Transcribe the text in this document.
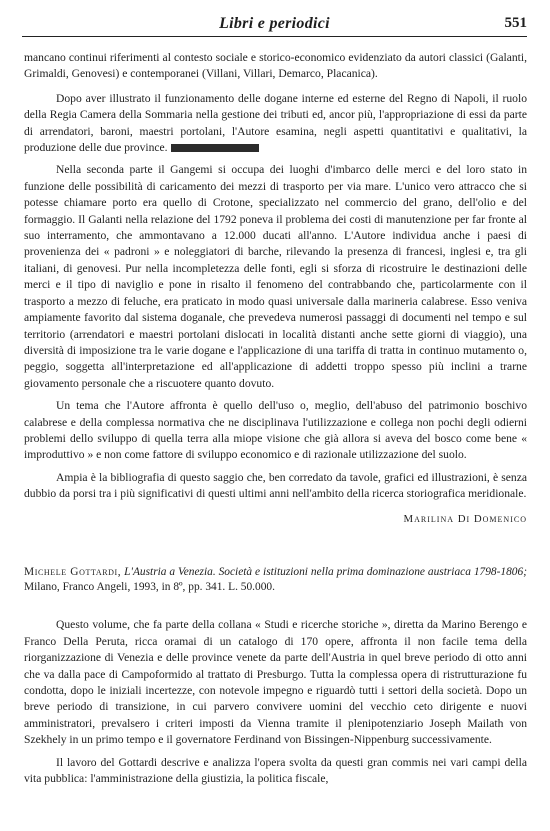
Libri e periodici	551

mancano continui riferimenti al contesto sociale e storico-economico evidenziato da autori classici (Galanti, Grimaldi, Genovesi) e contemporanei (Villani, Villari, Demarco, Placanica).

Dopo aver illustrato il funzionamento delle dogane interne ed esterne del Regno di Napoli, il ruolo della Regia Camera della Sommaria nella gestione dei tributi ed, ancor più, l'appropriazione di essi da parte di arrendatori, baroni, maestri portolani, l'Autore esamina, negli aspetti quantitativi e qualitativi, la produzione delle due province.

Nella seconda parte il Gangemi si occupa dei luoghi d'imbarco delle merci e del loro stato in funzione delle possibilità di caricamento dei mezzi di trasporto per via mare. L'unico vero attracco che si potesse chiamare porto era quello di Crotone, specializzato nel commercio del grano, dell'olio e del formaggio. Il Galanti nella relazione del 1792 poneva il problema dei costi di manutenzione per far fronte al suo interramento, che ammontavano a 12.000 ducati all'anno. L'Autore individua anche i paesi di provenienza dei « padroni » e noleggiatori di barche, rilevando la presenza di francesi, inglesi e, tra gli italiani, di genovesi. Pur nella incompletezza delle fonti, egli si sforza di ricostruire le destinazioni delle merci e il tipo di naviglio e pone in risalto il fenomeno del contrabbando che, particolarmente con il trasporto a mezzo di feluche, era praticato in modo quasi universale dalla marineria calabrese. Esso veniva ampiamente favorito dal sistema doganale, che prevedeva numerosi passaggi di documenti nel tempo e sul territorio (arrendatori e maestri portolani dislocati in località distanti anche sette giorni di viaggio), una diversità di imposizione tra le varie dogane e l'applicazione di una tariffa di tratta in continuo mutamento o, peggio, soggetta all'interpretazione ed all'applicazione di addetti troppo spesso più inclini a trarne giovamento personale che a riscuotere quanto dovuto.

Un tema che l'Autore affronta è quello dell'uso o, meglio, dell'abuso del patrimonio boschivo calabrese e della complessa normativa che ne disciplinava l'utilizzazione e collega non pochi degli odierni problemi dello sviluppo di quella terra alla miope visione che già allora si aveva del bosco come bene « improduttivo » e non come fattore di sviluppo economico e di razionale utilizzazione del suolo.

Ampia è la bibliografia di questo saggio che, ben corredato da tavole, grafici ed illustrazioni, è senza dubbio da porsi tra i più significativi di questi ultimi anni nell'ambito della ricerca storiografica meridionale.

Marilina Di Domenico

Michele Gottardi, L'Austria a Venezia. Società e istituzioni nella prima dominazione austriaca 1798-1806; Milano, Franco Angeli, 1993, in 8º, pp. 341. L. 50.000.

Questo volume, che fa parte della collana « Studi e ricerche storiche », diretta da Marino Berengo e Franco Della Peruta, ricca oramai di un catalogo di 170 opere, affronta il non facile tema della riorganizzazione di Venezia e delle province venete da parte dell'Austria in quel breve periodo di otto anni che va dalla pace di Campoformido al trattato di Presburgo. Tutta la complessa opera di ristrutturazione fu condotta, dopo le iniziali incertezze, con notevole impegno e riguardò tutti i settori della società. Dopo un breve periodo di transizione, in cui parvero convivere uomini del vecchio ceto dirigente e nuovi amministratori, prevalsero i criteri imposti da Vienna tramite il plenipotenziario Joseph Mailath von Szekhely in un primo tempo e il governatore Ferdinand von Bissingen-Nippenburg successivamente.

Il lavoro del Gottardi descrive e analizza l'opera svolta da questi gran commis nei vari campi della vita pubblica: l'amministrazione della giustizia, la politica fiscale,
